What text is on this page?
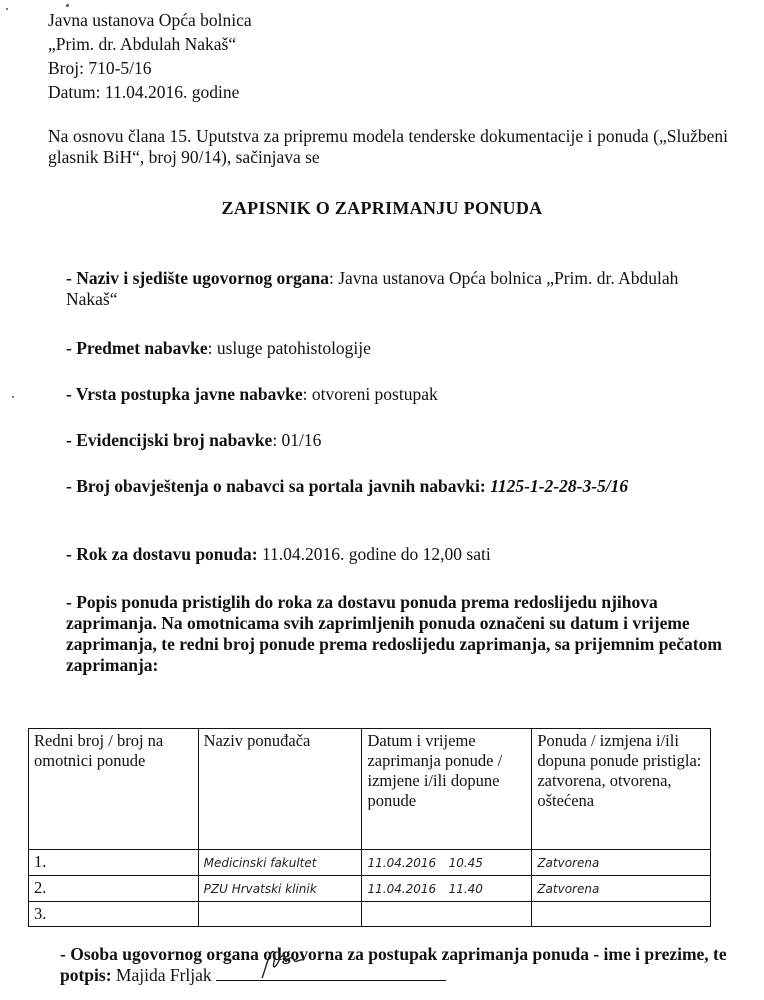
Javna ustanova Opća bolnica
„Prim. dr. Abdulah Nakaš“
Broj: 710-5/16
Datum: 11.04.2016. godine
Na osnovu člana 15. Uputstva za pripremu modela tenderske dokumentacije i ponuda („Službeni glasnik BiH“, broj 90/14), sačinjava se
ZAPISNIK O ZAPRIMANJU PONUDA
- Naziv i sjedište ugovornog organa: Javna ustanova Opća bolnica „Prim. dr. Abdulah Nakaš“
- Predmet nabavke: usluge patohistologije
- Vrsta postupka javne nabavke: otvoreni postupak
- Evidencijski broj nabavke: 01/16
- Broj obavještenja o nabavci sa portala javnih nabavki: 1125-1-2-28-3-5/16
- Rok za dostavu ponuda: 11.04.2016. godine do 12,00 sati
- Popis ponuda pristiglih do roka za dostavu ponuda prema redoslijedu njihova zaprimanja. Na omotnicama svih zaprimljenih ponuda označeni su datum i vrijeme zaprimanja, te redni broj ponude prema redoslijedu zaprimanja, sa prijemnim pečatom zaprimanja:
Redni broj / broj na omotnici ponude	Naziv ponuđača	Datum i vrijeme zaprimanja ponude / izmjene i/ili dopune ponude	Ponuda / izmjena i/ili dopuna ponude pristigla: zatvorena, otvorena, oštećena
1.	Medicinski fakultet	11.04.2016 10.45	Zatvorena
2.	PZU Hrvatski klinik	11.04.2016 11.40	Zatvorena
3.			
- Osoba ugovornog organa odgovorna za postupak zaprimanja ponuda - ime i prezime, te potpis: Majida Frljak
